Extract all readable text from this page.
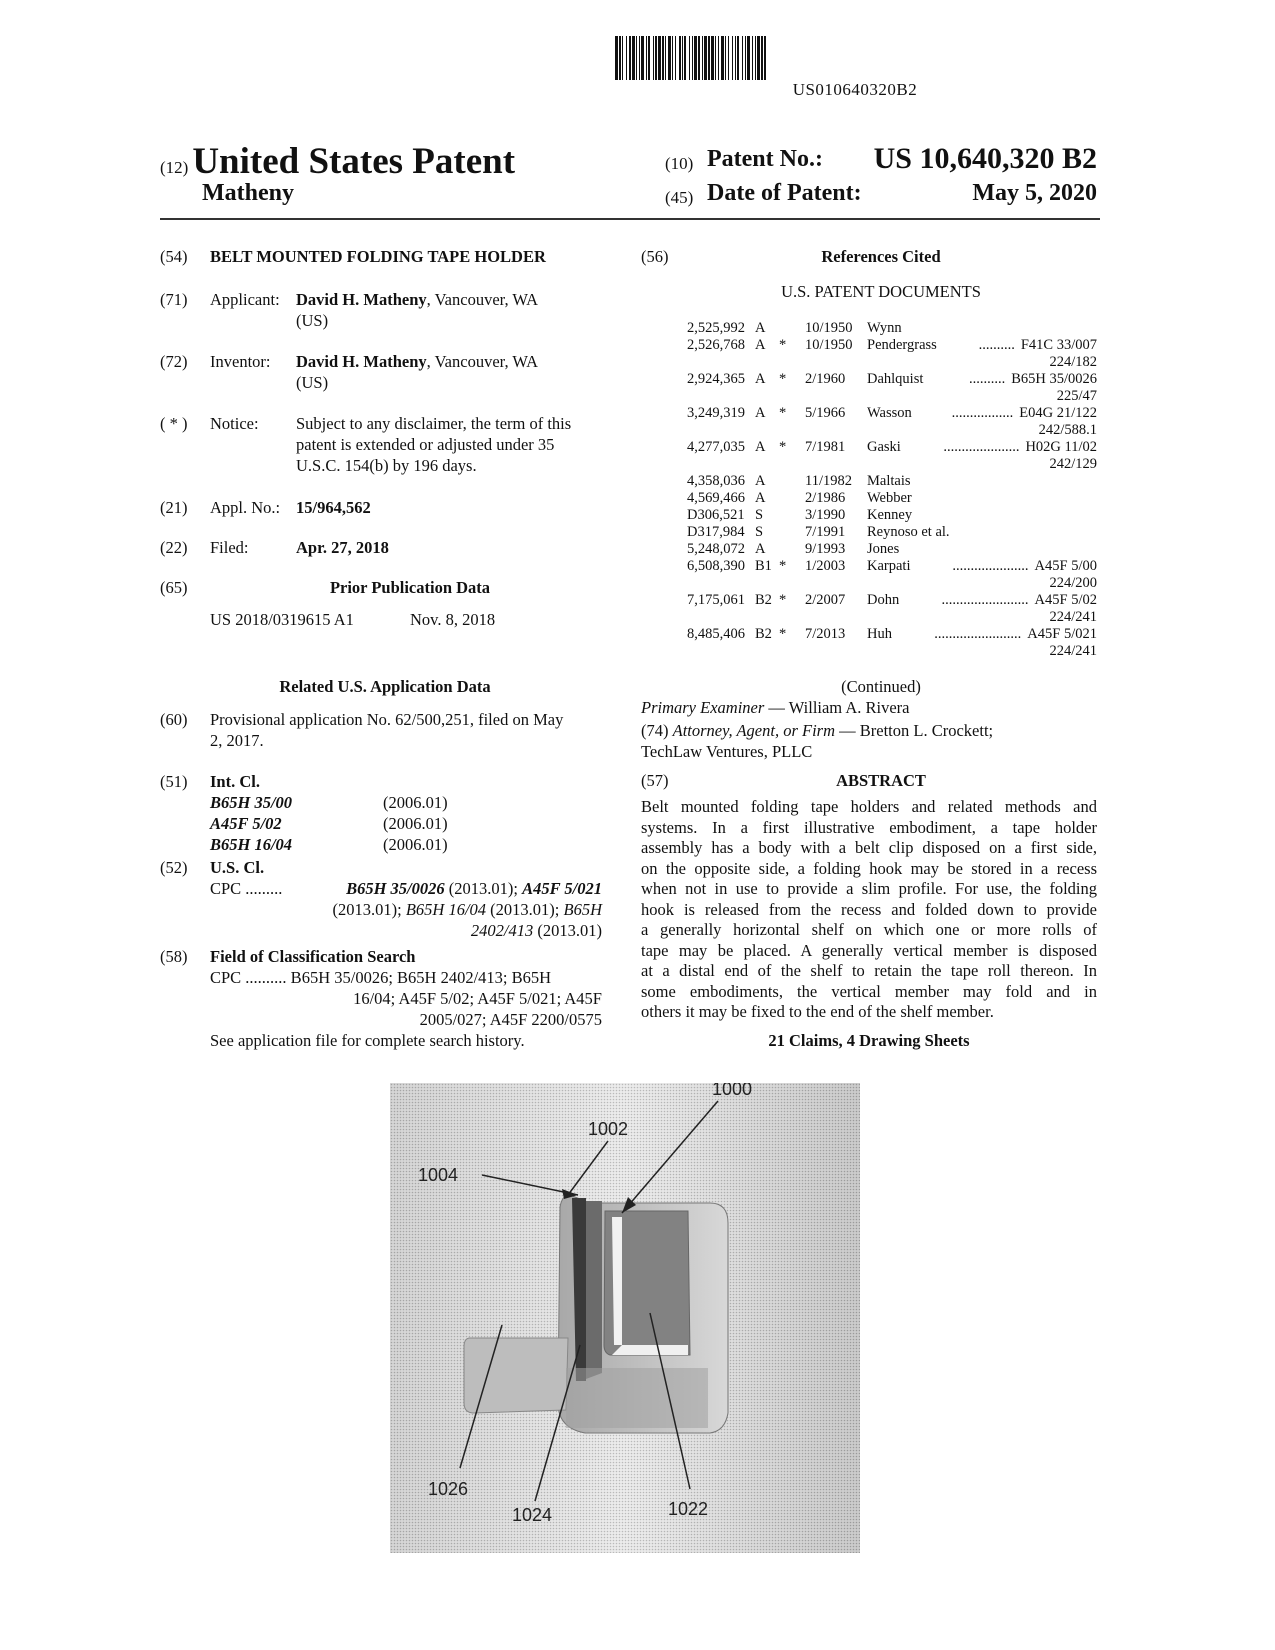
US010640320B2
(12) United States Patent
Matheny
(10) Patent No.: US 10,640,320 B2
(45) Date of Patent:	May 5, 2020
(54) BELT MOUNTED FOLDING TAPE HOLDER
(71) Applicant: David H. Matheny, Vancouver, WA
(US)
(72) Inventor: David H. Matheny, Vancouver, WA
(US)
( * ) Notice: Subject to any disclaimer, the term of this
patent is extended or adjusted under 35
U.S.C. 154(b) by 196 days.
(21) Appl. No.: 15/964,562
(22) Filed:	Apr. 27, 2018
(65)	Prior Publication Data
US 2018/0319615 A1	Nov. 8, 2018
Related U.S. Application Data
(60) Provisional application No. 62/500,251, filed on May
2, 2017.
(51) Int. Cl.
B65H 35/00	(2006.01)
A45F 5/02	(2006.01)
B65H 16/04	(2006.01)
(52) U.S. Cl.
CPC .........	B65H 35/0026 (2013.01); A45F 5/021
(2013.01); B65H 16/04 (2013.01); B65H
2402/413 (2013.01)
(58) Field of Classification Search
CPC .......... B65H 35/0026; B65H 2402/413; B65H
16/04; A45F 5/02; A45F 5/021; A45F
2005/027; A45F 2200/0575
See application file for complete search history.
(56)	References Cited
U.S. PATENT DOCUMENTS
2,525,992 A	10/1950 Wynn
2,526,768 A * 10/1950 Pendergrass	.......... F41C 33/007
224/182
2,924,365 A * 2/1960 Dahlquist	.......... B65H 35/0026
225/47
3,249,319 A * 5/1966 Wasson	................. E04G 21/122
242/588.1
4,277,035 A * 7/1981 Gaski	..................... H02G 11/02
242/129
4,358,036 A	11/1982 Maltais
4,569,466 A	2/1986 Webber
D306,521 S	3/1990 Kenney
D317,984 S	7/1991 Reynoso et al.
5,248,072 A	9/1993 Jones
6,508,390 B1 * 1/2003 Karpati	..................... A45F 5/00
224/200
7,175,061 B2 * 2/2007 Dohn	........................ A45F 5/02
224/241
8,485,406 B2 * 7/2013 Huh	........................ A45F 5/021
224/241
(Continued)
Primary Examiner — William A. Rivera
(74) Attorney, Agent, or Firm — Bretton L. Crockett;
TechLaw Ventures, PLLC
(57)	ABSTRACT
Belt mounted folding tape holders and related methods and
systems. In a first illustrative embodiment, a tape holder
assembly has a body with a belt clip disposed on a first side,
on the opposite side, a folding hook may be stored in a recess
when not in use to provide a slim profile. For use, the folding
hook is released from the recess and folded down to provide
a generally horizontal shelf on which one or more rolls of
tape may be placed. A generally vertical member is disposed
at a distal end of the shelf to retain the tape roll thereon. In
some embodiments, the vertical member may fold and in
others it may be fixed to the end of the shelf member.
21 Claims, 4 Drawing Sheets
1000
1002
1004
1026
1024	1022
